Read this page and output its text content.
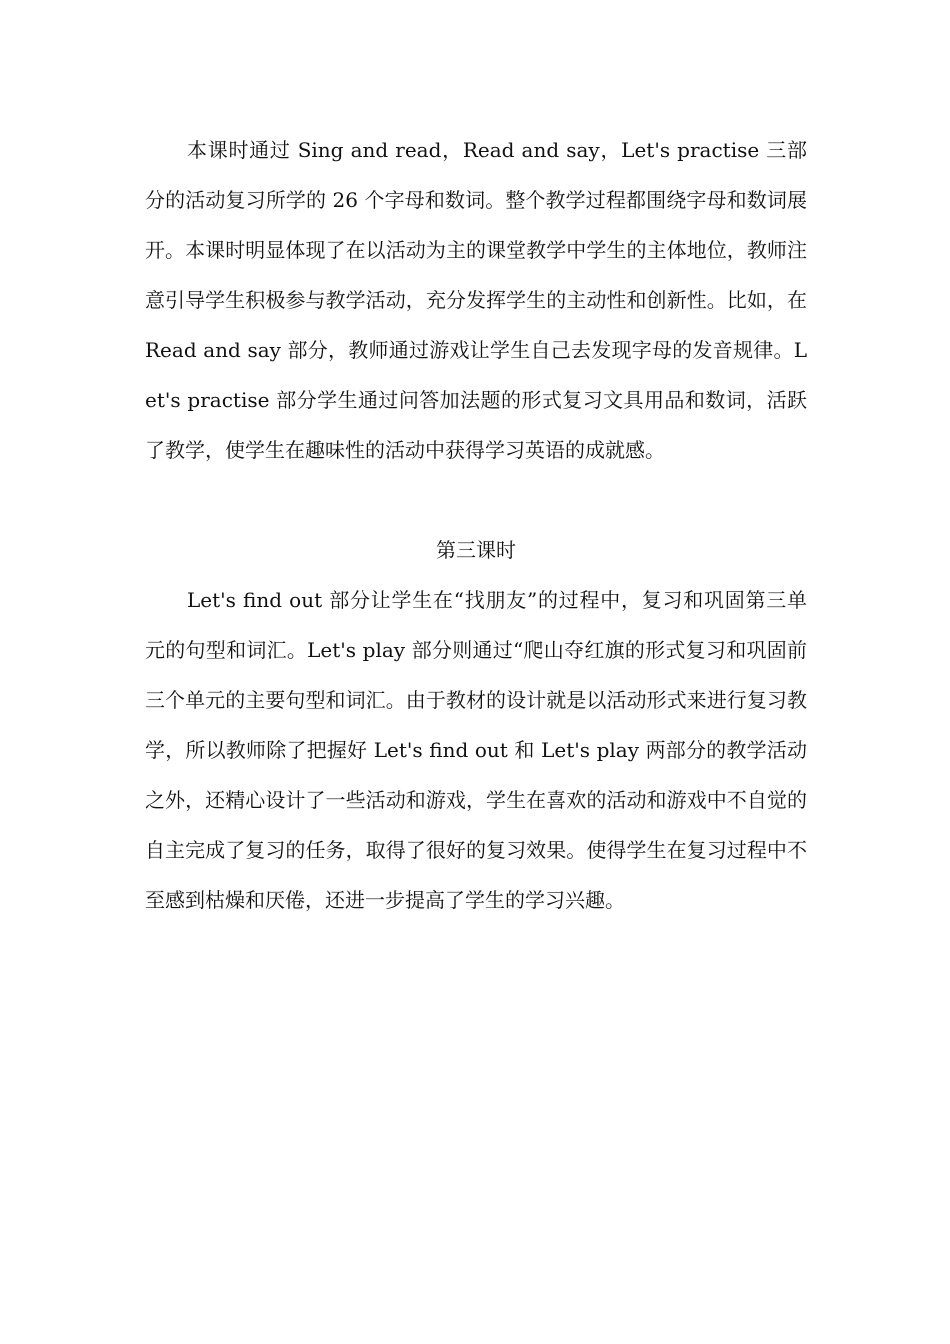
本课时通过 Sing and read，Read and say，Let's practise 三部分的活动复习所学的 26 个字母和数词。整个教学过程都围绕字母和数词展开。本课时明显体现了在以活动为主的课堂教学中学生的主体地位，教师注意引导学生积极参与教学活动，充分发挥学生的主动性和创新性。比如，在 Read and say 部分，教师通过游戏让学生自己去发现字母的发音规律。Let's practise 部分学生通过问答加法题的形式复习文具用品和数词，活跃了教学，使学生在趣味性的活动中获得学习英语的成就感。

第三课时

Let's find out 部分让学生在“找朋友”的过程中，复习和巩固第三单元的句型和词汇。Let's play 部分则通过“爬山夺红旗的形式复习和巩固前三个单元的主要句型和词汇。由于教材的设计就是以活动形式来进行复习教学，所以教师除了把握好 Let's find out 和 Let's play 两部分的教学活动之外，还精心设计了一些活动和游戏，学生在喜欢的活动和游戏中不自觉的自主完成了复习的任务，取得了很好的复习效果。使得学生在复习过程中不至感到枯燥和厌倦，还进一步提高了学生的学习兴趣。
